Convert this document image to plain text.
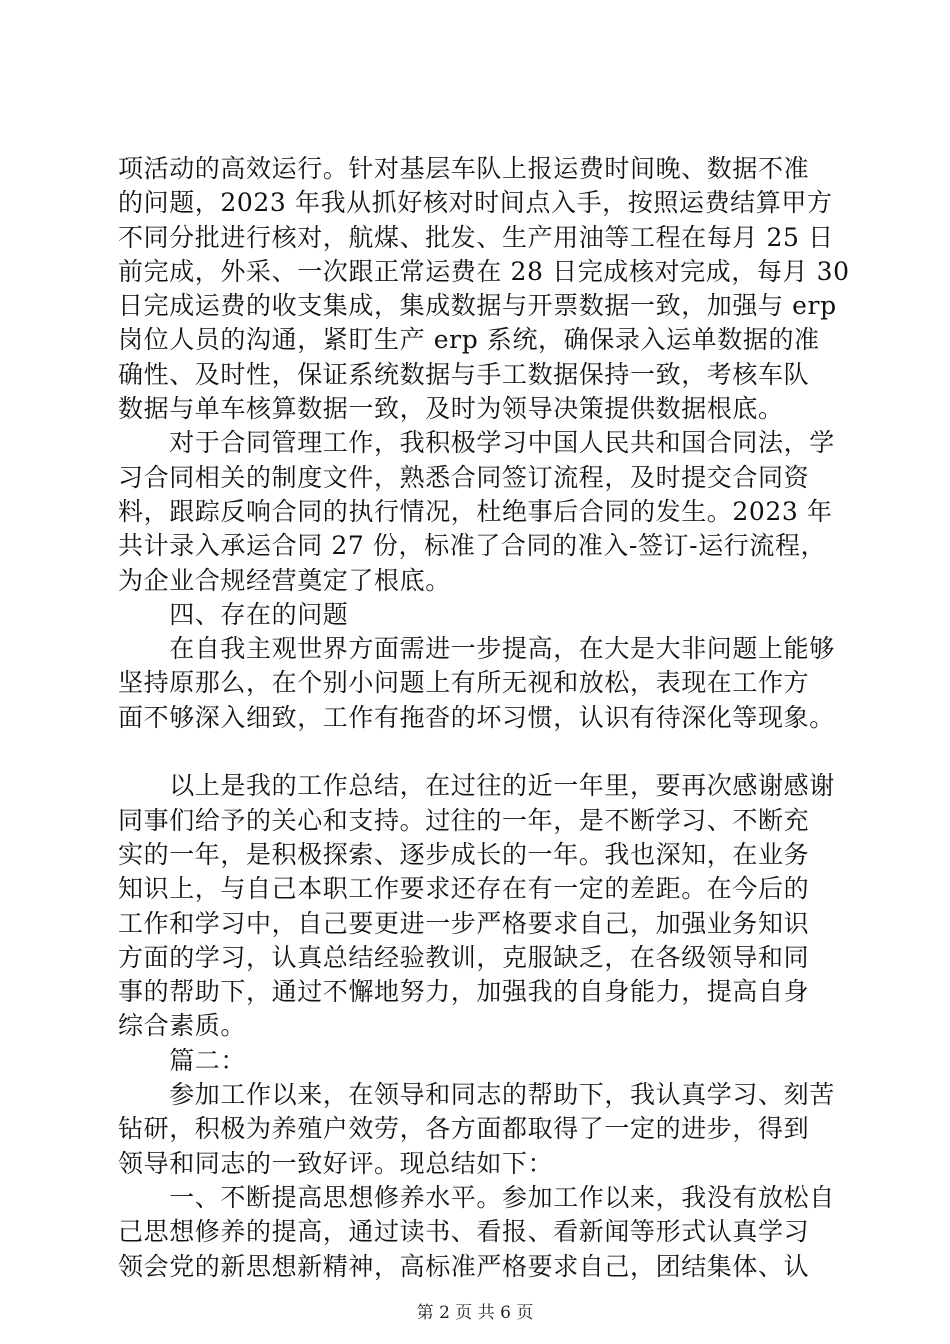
项活动的高效运行。针对基层车队上报运费时间晚、数据不准
的问题，2023 年我从抓好核对时间点入手，按照运费结算甲方
不同分批进行核对，航煤、批发、生产用油等工程在每月 25 日
前完成，外采、一次跟正常运费在 28 日完成核对完成，每月 30
日完成运费的收支集成，集成数据与开票数据一致，加强与 erp
岗位人员的沟通，紧盯生产 erp 系统，确保录入运单数据的准
确性、及时性，保证系统数据与手工数据保持一致，考核车队
数据与单车核算数据一致，及时为领导决策提供数据根底。
　　对于合同管理工作，我积极学习中国人民共和国合同法，学
习合同相关的制度文件，熟悉合同签订流程，及时提交合同资
料，跟踪反响合同的执行情况，杜绝事后合同的发生。2023 年
共计录入承运合同 27 份，标准了合同的准入-签订-运行流程，
为企业合规经营奠定了根底。
　　四、存在的问题
　　在自我主观世界方面需进一步提高，在大是大非问题上能够
坚持原那么，在个别小问题上有所无视和放松，表现在工作方
面不够深入细致，工作有拖沓的坏习惯，认识有待深化等现象。
　　以上是我的工作总结，在过往的近一年里，要再次感谢感谢
同事们给予的关心和支持。过往的一年，是不断学习、不断充
实的一年，是积极探索、逐步成长的一年。我也深知，在业务
知识上，与自己本职工作要求还存在有一定的差距。在今后的
工作和学习中，自己要更进一步严格要求自己，加强业务知识
方面的学习，认真总结经验教训，克服缺乏，在各级领导和同
事的帮助下，通过不懈地努力，加强我的自身能力，提高自身
综合素质。
　　篇二：
　　参加工作以来，在领导和同志的帮助下，我认真学习、刻苦
钻研，积极为养殖户效劳，各方面都取得了一定的进步，得到
领导和同志的一致好评。现总结如下：
　　一、不断提高思想修养水平。参加工作以来，我没有放松自
己思想修养的提高，通过读书、看报、看新闻等形式认真学习
领会党的新思想新精神，高标准严格要求自己，团结集体、认
第 2 页 共 6 页
